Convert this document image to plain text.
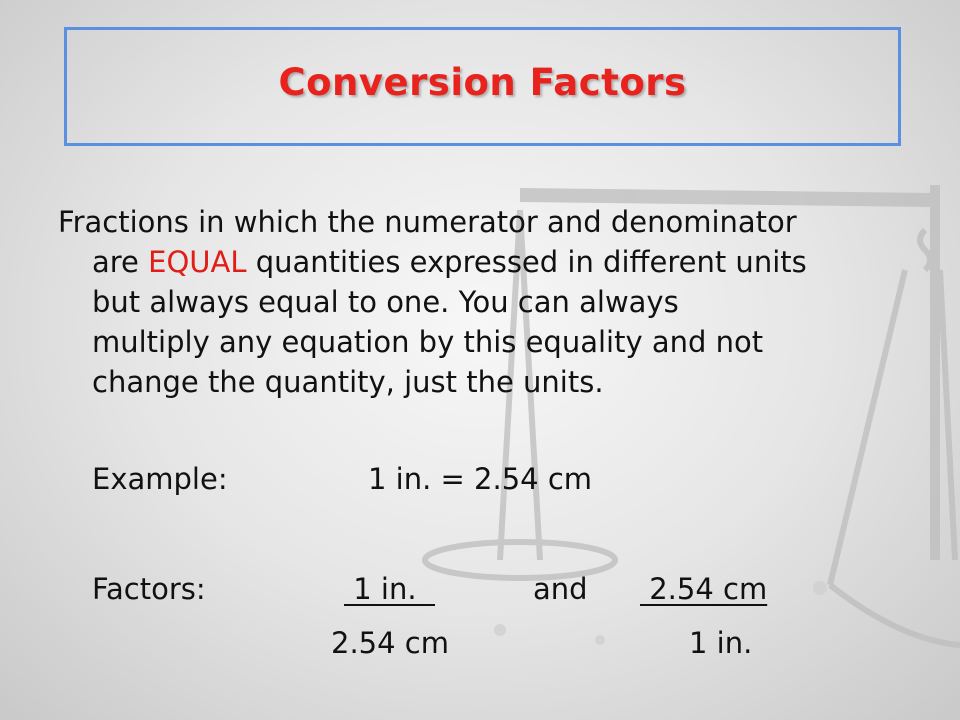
Conversion Factors
Fractions in which the numerator and denominator
are EQUAL quantities expressed in different units
but always equal to one. You can always
multiply any equation by this equality and not
change the quantity, just the units.
Example:	1 in. = 2.54 cm
Factors:	1 in.	and 2.54 cm
2.54 cm	1 in.
